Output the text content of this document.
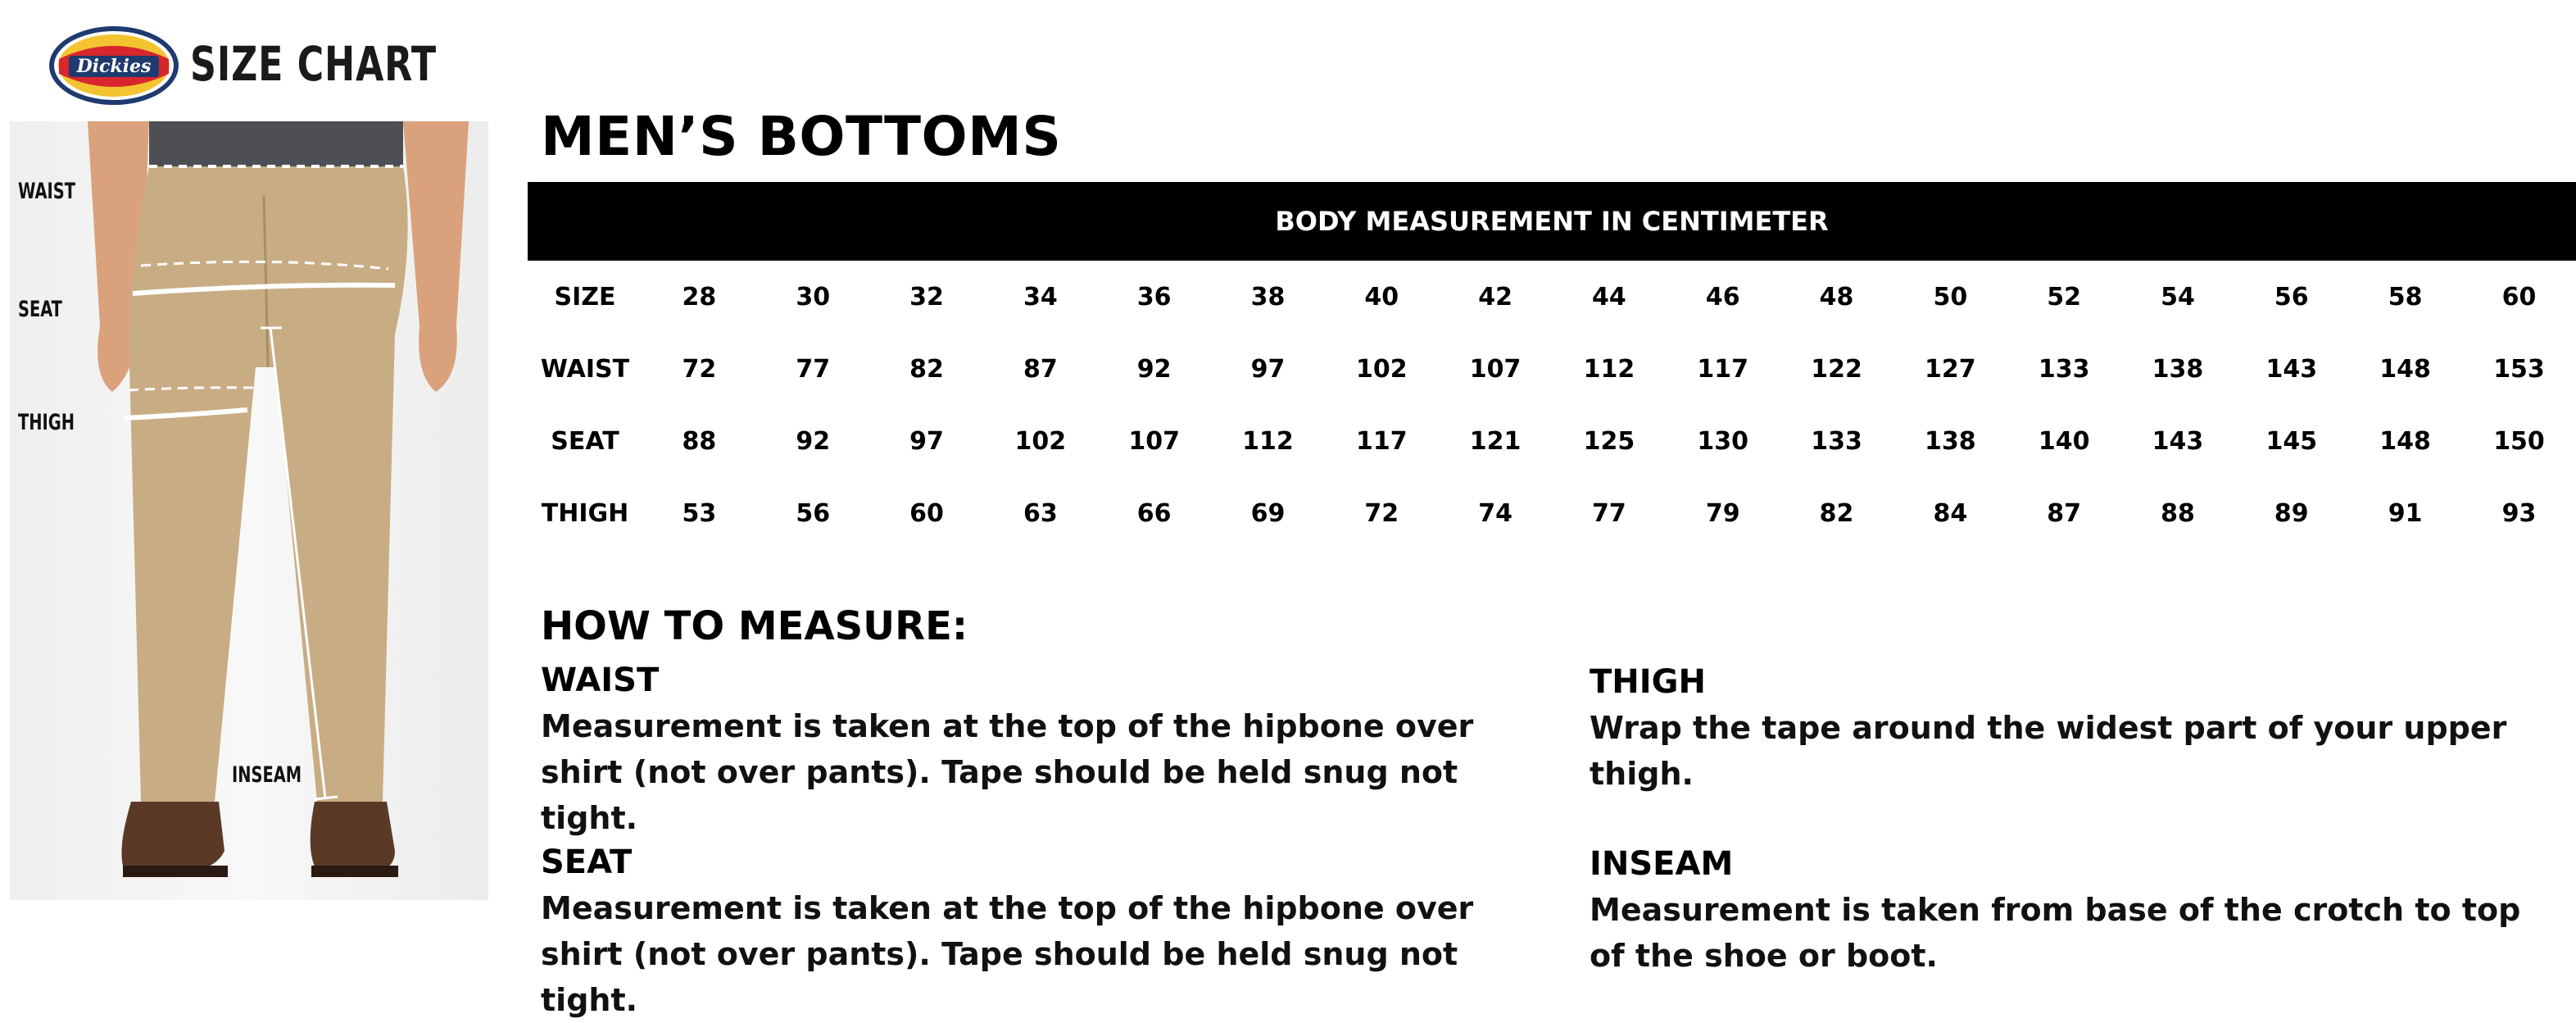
Dickies SIZE CHART
WAIST
SEAT
THIGH
INSEAM
MEN’S BOTTOMS
BODY MEASUREMENT IN CENTIMETER
SIZE	28	30	32	34	36	38	40	42	44	46	48	50	52	54	56	58	60
WAIST	72	77	82	87	92	97	102	107	112	117	122	127	133	138	143	148	153
SEAT	88	92	97	102	107	112	117	121	125	130	133	138	140	143	145	148	150
THIGH	53	56	60	63	66	69	72	74	77	79	82	84	87	88	89	91	93
HOW TO MEASURE:
WAIST
Measurement is taken at the top of the hipbone over shirt (not over pants). Tape should be held snug not tight.
SEAT
Measurement is taken at the top of the hipbone over shirt (not over pants). Tape should be held snug not tight.
THIGH
Wrap the tape around the widest part of your upper thigh.
INSEAM
Measurement is taken from base of the crotch to top of the shoe or boot.
